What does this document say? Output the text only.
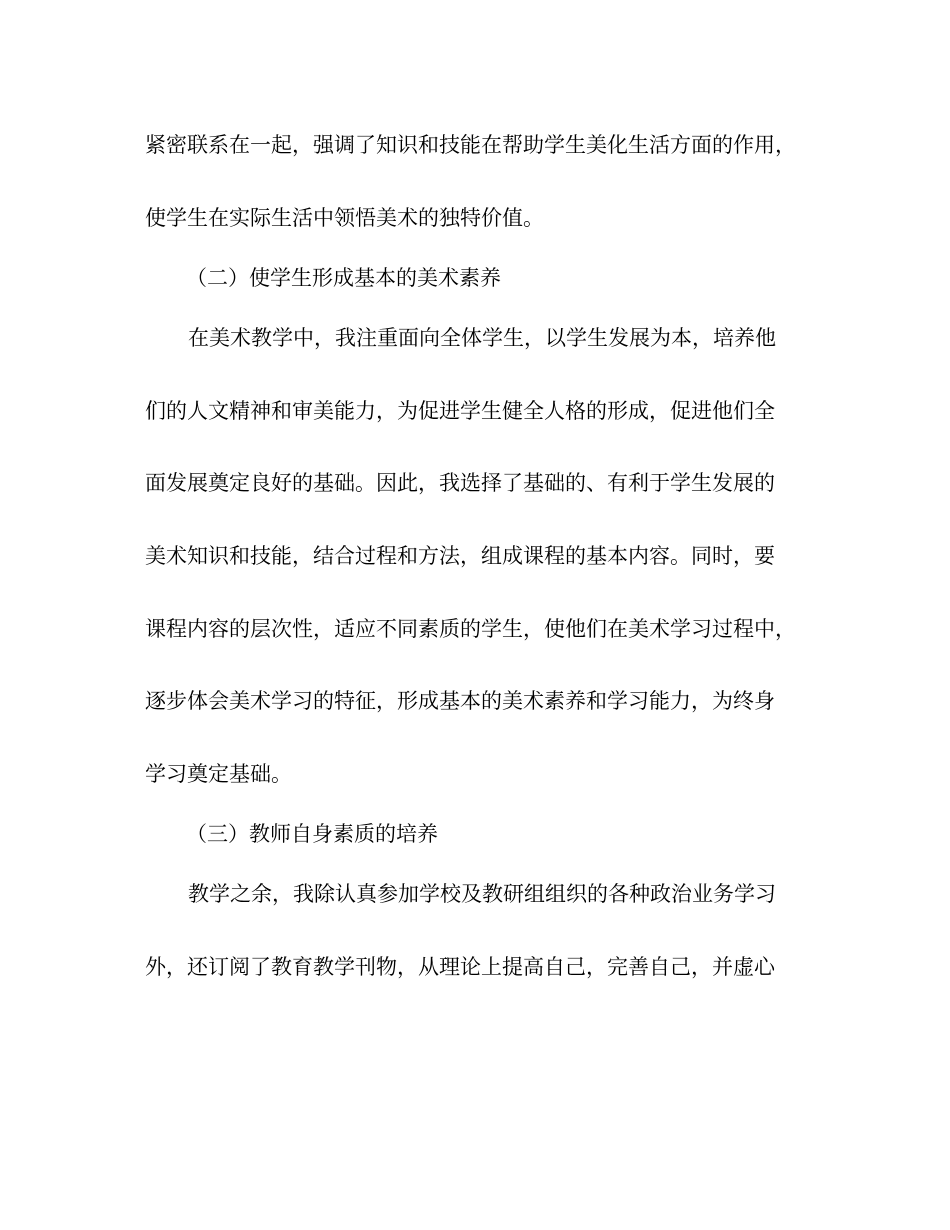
紧密联系在一起，强调了知识和技能在帮助学生美化生活方面的作用，

使学生在实际生活中领悟美术的独特价值。

（二）使学生形成基本的美术素养

在美术教学中，我注重面向全体学生，以学生发展为本，培养他

们的人文精神和审美能力，为促进学生健全人格的形成，促进他们全

面发展奠定良好的基础。因此，我选择了基础的、有利于学生发展的

美术知识和技能，结合过程和方法，组成课程的基本内容。同时，要

课程内容的层次性，适应不同素质的学生，使他们在美术学习过程中，

逐步体会美术学习的特征，形成基本的美术素养和学习能力，为终身

学习奠定基础。

（三）教师自身素质的培养

教学之余，我除认真参加学校及教研组组织的各种政治业务学习

外，还订阅了教育教学刊物，从理论上提高自己，完善自己，并虚心
